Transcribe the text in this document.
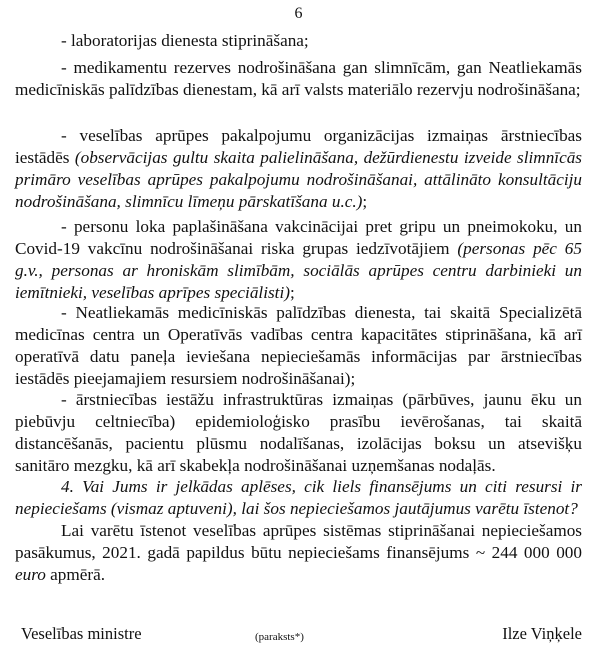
6

- laboratorijas dienesta stiprināšana;

- medikamentu rezerves nodrošināšana gan slimnīcām, gan Neatliekamās medicīniskās palīdzības dienestam, kā arī valsts materiālo rezervju nodrošināšana;

- veselības aprūpes pakalpojumu organizācijas izmaiņas ārstniecības iestādēs (observācijas gultu skaita palielināšana, dežūrdienestu izveide slimnīcās primāro veselības aprūpes pakalpojumu nodrošināšanai, attālināto konsultāciju nodrošināšana, slimnīcu līmeņu pārskatīšana u.c.);

- personu loka paplašināšana vakcinācijai pret gripu un pneimokoku, un Covid-19 vakcīnu nodrošināšanai riska grupas iedzīvotājiem (personas pēc 65 g.v., personas ar hroniskām slimībām, sociālās aprūpes centru darbinieki un iemītnieki, veselības aprīpes speciālisti);

- Neatliekamās medicīniskās palīdzības dienesta, tai skaitā Specializētā medicīnas centra un Operatīvās vadības centra kapacitātes stiprināšana, kā arī operatīvā datu paneļa ieviešana nepieciešamās informācijas par ārstniecības iestādēs pieejamajiem resursiem nodrošināšanai);

- ārstniecības iestāžu infrastruktūras izmaiņas (pārbūves, jaunu ēku un piebūvju celtniecība) epidemioloģisko prasību ievērošanas, tai skaitā distancēšanās, pacientu plūsmu nodalīšanas, izolācijas boksu un atsevišķu sanitāro mezgku, kā arī skabekļa nodrošināšanai uzņemšanas nodaļās.

4. Vai Jums ir jelkādas aplēses, cik liels finansējums un citi resursi ir nepieciešams (vismaz aptuveni), lai šos nepieciešamos jautājumus varētu īstenot?

Lai varētu īstenot veselības aprūpes sistēmas stiprināšanai nepieciešamos pasākumus, 2021. gadā papildus būtu nepieciešams finansējums ~ 244 000 000 euro apmērā.

Veselības ministre	(paraksts*)	Ilze Viņķele
